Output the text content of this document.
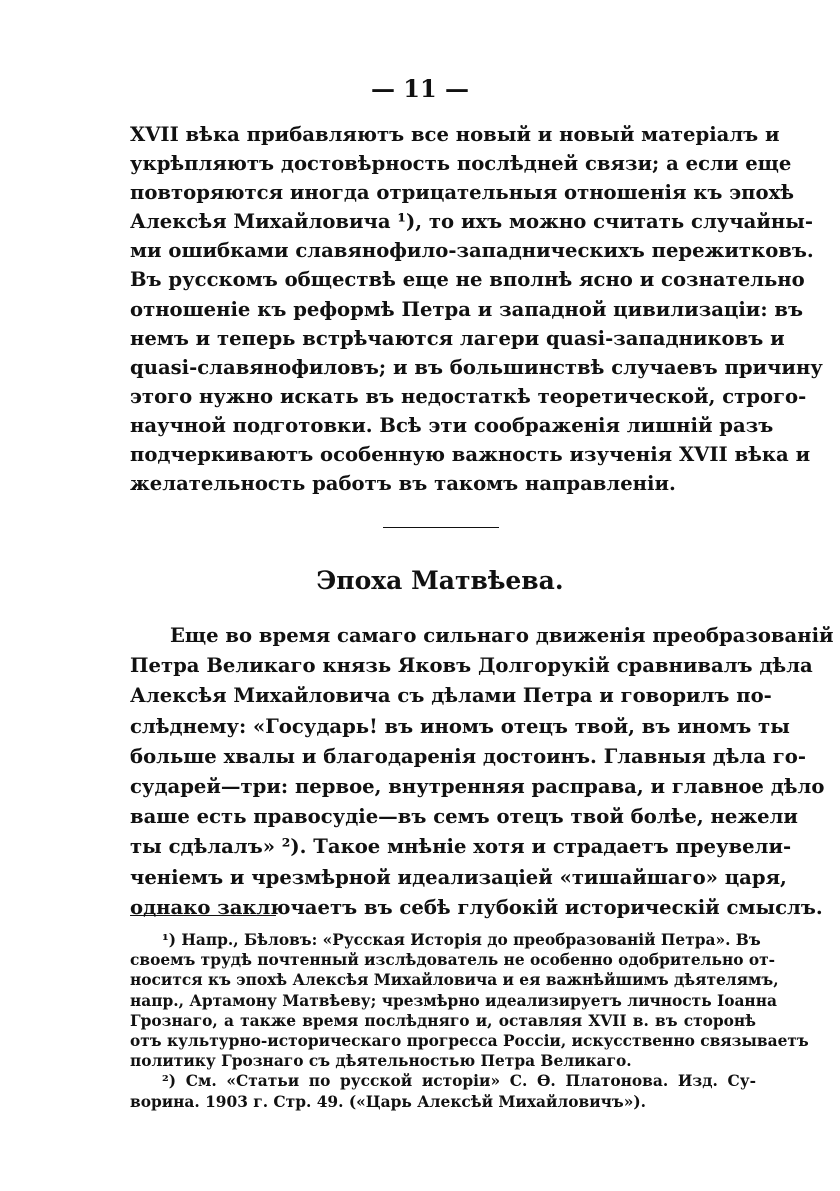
— 11 —
XVII вѣка прибавляютъ все новый и новый матеріалъ и
укрѣпляютъ достовѣрность послѣдней связи; а если еще
повторяются иногда отрицательныя отношенія къ эпохѣ
Алексѣя Михайловича ¹), то ихъ можно считать случайны-
ми ошибками славянофило-западническихъ пережитковъ.
Въ русскомъ обществѣ еще не вполнѣ ясно и сознательно
отношеніе къ реформѣ Петра и западной цивилизаціи: въ
немъ и теперь встрѣчаются лагери quasi-западниковъ и
quasi-славянофиловъ; и въ большинствѣ случаевъ причину
этого нужно искать въ недостаткѣ теоретической, строго-
научной подготовки. Всѣ эти соображенія лишній разъ
подчеркиваютъ особенную важность изученія XVII вѣка и
желательность работъ въ такомъ направленіи.
Эпоха Матвѣева.
Еще во время самаго сильнаго движенія преобразованій
Петра Великаго князь Яковъ Долгорукій сравнивалъ дѣла
Алексѣя Михайловича съ дѣлами Петра и говорилъ по-
слѣднему: «Государь! въ иномъ отецъ твой, въ иномъ ты
больше хвалы и благодаренія достоинъ. Главныя дѣла го-
сударей—три: первое, внутренняя расправа, и главное дѣло
ваше есть правосудіе—въ семъ отецъ твой болѣе, нежели
ты сдѣлалъ» ²). Такое мнѣніе хотя и страдаетъ преувели-
ченіемъ и чрезмѣрной идеализаціей «тишайшаго» царя,
однако заключаетъ въ себѣ глубокій историческій смыслъ.
¹) Напр., Бѣловъ: «Русская Исторія до преобразованій Петра». Въ
своемъ трудѣ почтенный изслѣдователь не особенно одобрительно от-
носится къ эпохѣ Алексѣя Михайловича и ея важнѣйшимъ дѣятелямъ,
напр., Артамону Матвѣеву; чрезмѣрно идеализируетъ личность Іоанна
Грознаго, а также время послѣдняго и, оставляя XVII в. въ сторонѣ
отъ культурно-историческаго прогресса Россіи, искусственно связываетъ
политику Грознаго съ дѣятельностью Петра Великаго.
²) См. «Статьи по русской исторіи» С. Ѳ. Платонова. Изд. Су-
ворина. 1903 г. Стр. 49. («Царь Алексѣй Михайловичъ»).
